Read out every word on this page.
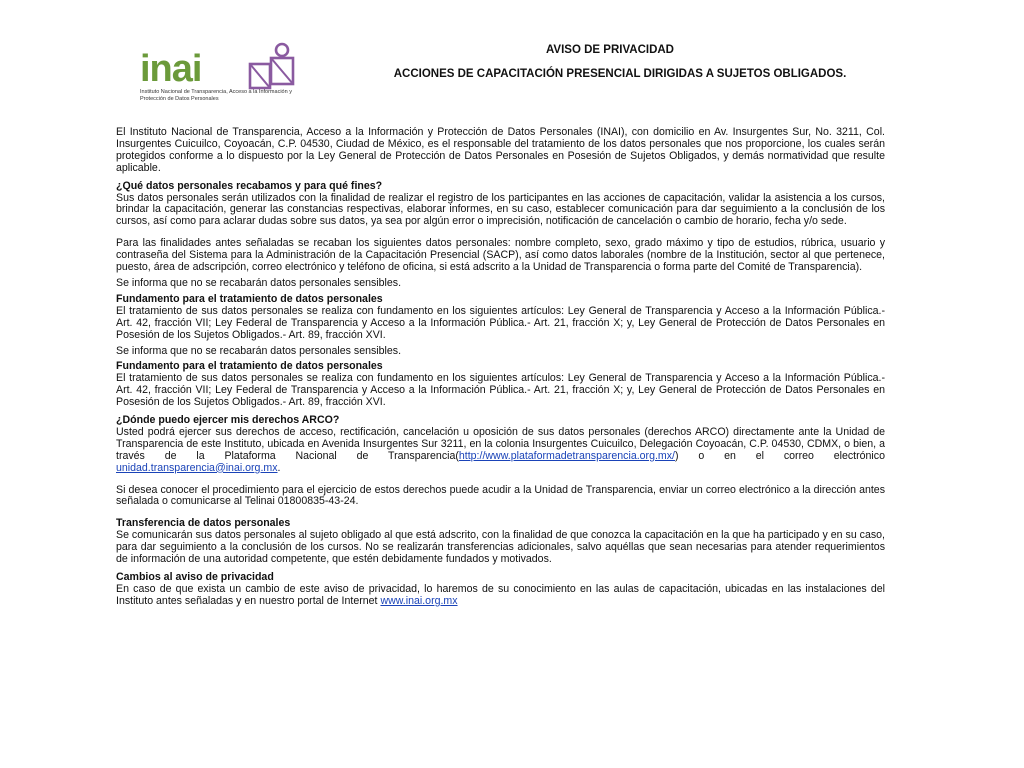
inai
Instituto Nacional de Transparencia, Acceso a la Información y Protección de Datos Personales
AVISO DE PRIVACIDAD
ACCIONES DE CAPACITACIÓN PRESENCIAL DIRIGIDAS A SUJETOS OBLIGADOS.

El Instituto Nacional de Transparencia, Acceso a la Información y Protección de Datos Personales (INAI), con domicilio en Av. Insurgentes Sur, No. 3211, Col. Insurgentes Cuicuilco, Coyoacán, C.P. 04530, Ciudad de México, es el responsable del tratamiento de los datos personales que nos proporcione, los cuales serán protegidos conforme a lo dispuesto por la Ley General de Protección de Datos Personales en Posesión de Sujetos Obligados, y demás normatividad que resulte aplicable.

¿Qué datos personales recabamos y para qué fines?

Sus datos personales serán utilizados con la finalidad de realizar el registro de los participantes en las acciones de capacitación, validar la asistencia a los cursos, brindar la capacitación, generar las constancias respectivas, elaborar informes, en su caso, establecer comunicación para dar seguimiento a la conclusión de los cursos, así como para aclarar dudas sobre sus datos, ya sea por algún error o imprecisión, notificación de cancelación o cambio de horario, fecha y/o sede.

Para las finalidades antes señaladas se recaban los siguientes datos personales: nombre completo, sexo, grado máximo y tipo de estudios, rúbrica, usuario y contraseña del Sistema para la Administración de la Capacitación Presencial (SACP), así como datos laborales (nombre de la Institución, sector al que pertenece, puesto, área de adscripción, correo electrónico y teléfono de oficina, si está adscrito a la Unidad de Transparencia o forma parte del Comité de Transparencia).

Se informa que no se recabarán datos personales sensibles.

Fundamento para el tratamiento de datos personales

El tratamiento de sus datos personales se realiza con fundamento en los siguientes artículos: Ley General de Transparencia y Acceso a la Información Pública.- Art. 42, fracción VII; Ley Federal de Transparencia y Acceso a la Información Pública.- Art. 21, fracción X; y, Ley General de Protección de Datos Personales en Posesión de los Sujetos Obligados.- Art. 89, fracción XVI.

Se informa que no se recabarán datos personales sensibles.

Fundamento para el tratamiento de datos personales

El tratamiento de sus datos personales se realiza con fundamento en los siguientes artículos: Ley General de Transparencia y Acceso a la Información Pública.- Art. 42, fracción VII; Ley Federal de Transparencia y Acceso a la Información Pública.- Art. 21, fracción X; y, Ley General de Protección de Datos Personales en Posesión de los Sujetos Obligados.- Art. 89, fracción XVI.

¿Dónde puedo ejercer mis derechos ARCO?

Usted podrá ejercer sus derechos de acceso, rectificación, cancelación u oposición de sus datos personales (derechos ARCO) directamente ante la Unidad de Transparencia de este Instituto, ubicada en Avenida Insurgentes Sur 3211, en la colonia Insurgentes Cuicuilco, Delegación Coyoacán, C.P. 04530, CDMX, o bien, a través de la Plataforma Nacional de Transparencia(http://www.plataformadetransparencia.org.mx/) o en el correo electrónico

unidad.transparencia@inai.org.mx.

Si desea conocer el procedimiento para el ejercicio de estos derechos puede acudir a la Unidad de Transparencia, enviar un correo electrónico a la dirección antes señalada o comunicarse al Telinai 01800835-43-24.

Transferencia de datos personales

Se comunicarán sus datos personales al sujeto obligado al que está adscrito, con la finalidad de que conozca la capacitación en la que ha participado y en su caso, para dar seguimiento a la conclusión de los cursos. No se realizarán transferencias adicionales, salvo aquéllas que sean necesarias para atender requerimientos de información de una autoridad competente, que estén debidamente fundados y motivados.

Cambios al aviso de privacidad

En caso de que exista un cambio de este aviso de privacidad, lo haremos de su conocimiento en las aulas de capacitación, ubicadas en las instalaciones del Instituto antes señaladas y en nuestro portal de Internet www.inai.org.mx
